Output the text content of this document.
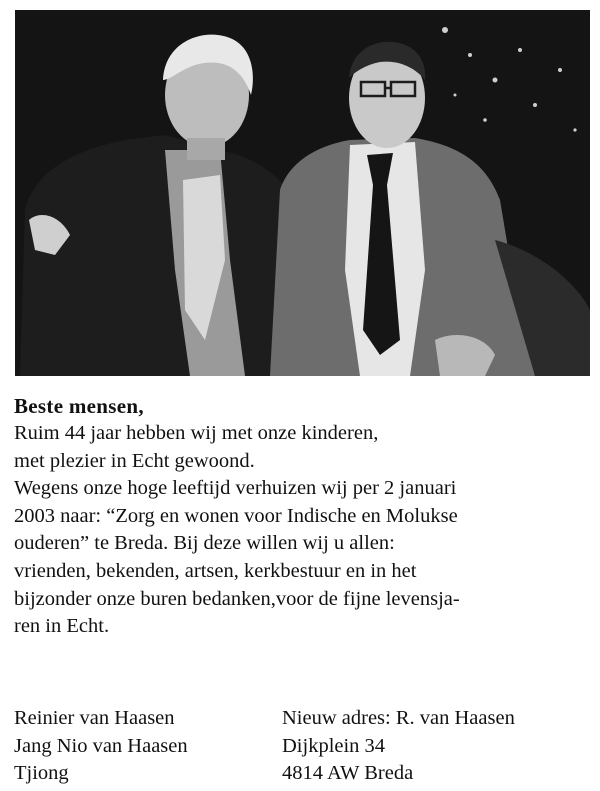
Beste mensen,

Ruim 44 jaar hebben wij met onze kinderen,

met plezier in Echt gewoond.

Wegens onze hoge leeftijd verhuizen wij per 2 januari

2003 naar: “Zorg en wonen voor Indische en Molukse

ouderen” te Breda. Bij deze willen wij u allen:

vrienden, bekenden, artsen, kerkbestuur en in het

bijzonder onze buren bedanken,voor de fijne levensja-

ren in Echt.

Reinier van Haasen

Jang Nio van Haasen

Tjiong

Nieuw adres: R. van Haasen

Dijkplein 34

4814 AW Breda
